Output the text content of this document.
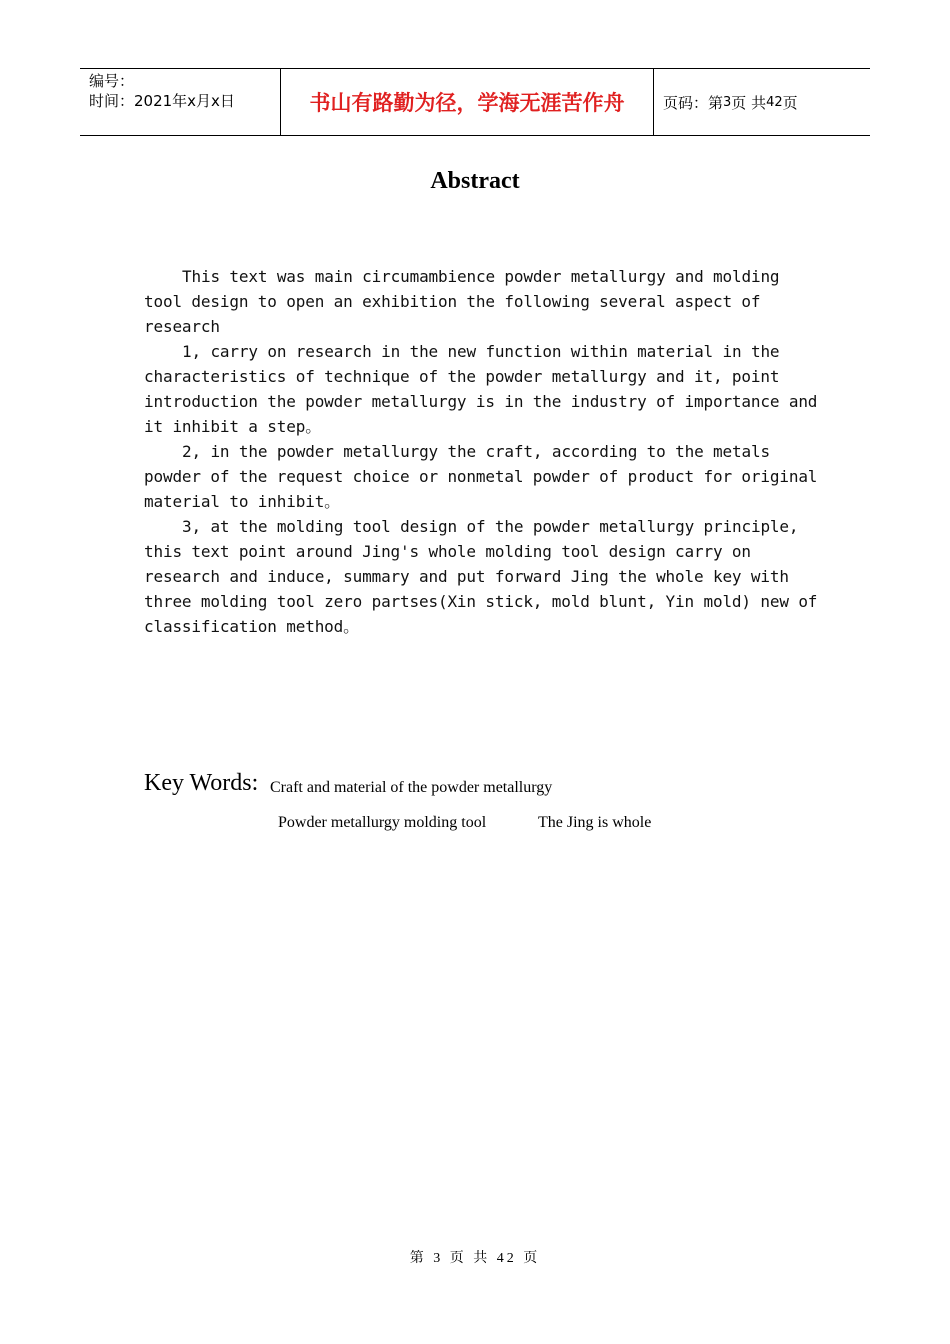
编号：
时间：2021年x月x日	书山有路勤为径，学海无涯苦作舟	页码：第 3 页 共 42 页
Abstract

This text was main circumambience powder metallurgy and molding tool design to open an exhibition the following several aspect of research

1, carry on research in the new function within material in the characteristics of technique of the powder metallurgy and it, point introduction the powder metallurgy is in the industry of importance and it inhibit a step。

2, in the powder metallurgy the craft, according to the metals powder of the request choice or nonmetal powder of product for original material to inhibit。

3, at the molding tool design of the powder metallurgy principle, this text point around Jing's whole molding tool design carry on research and induce, summary and put forward Jing the whole key with three molding tool zero partses(Xin stick, mold blunt, Yin mold) new of classification method。

Key Words: Craft and material of the powder metallurgy
Powder metallurgy molding tool	The Jing is whole
第 3 页 共 42 页
